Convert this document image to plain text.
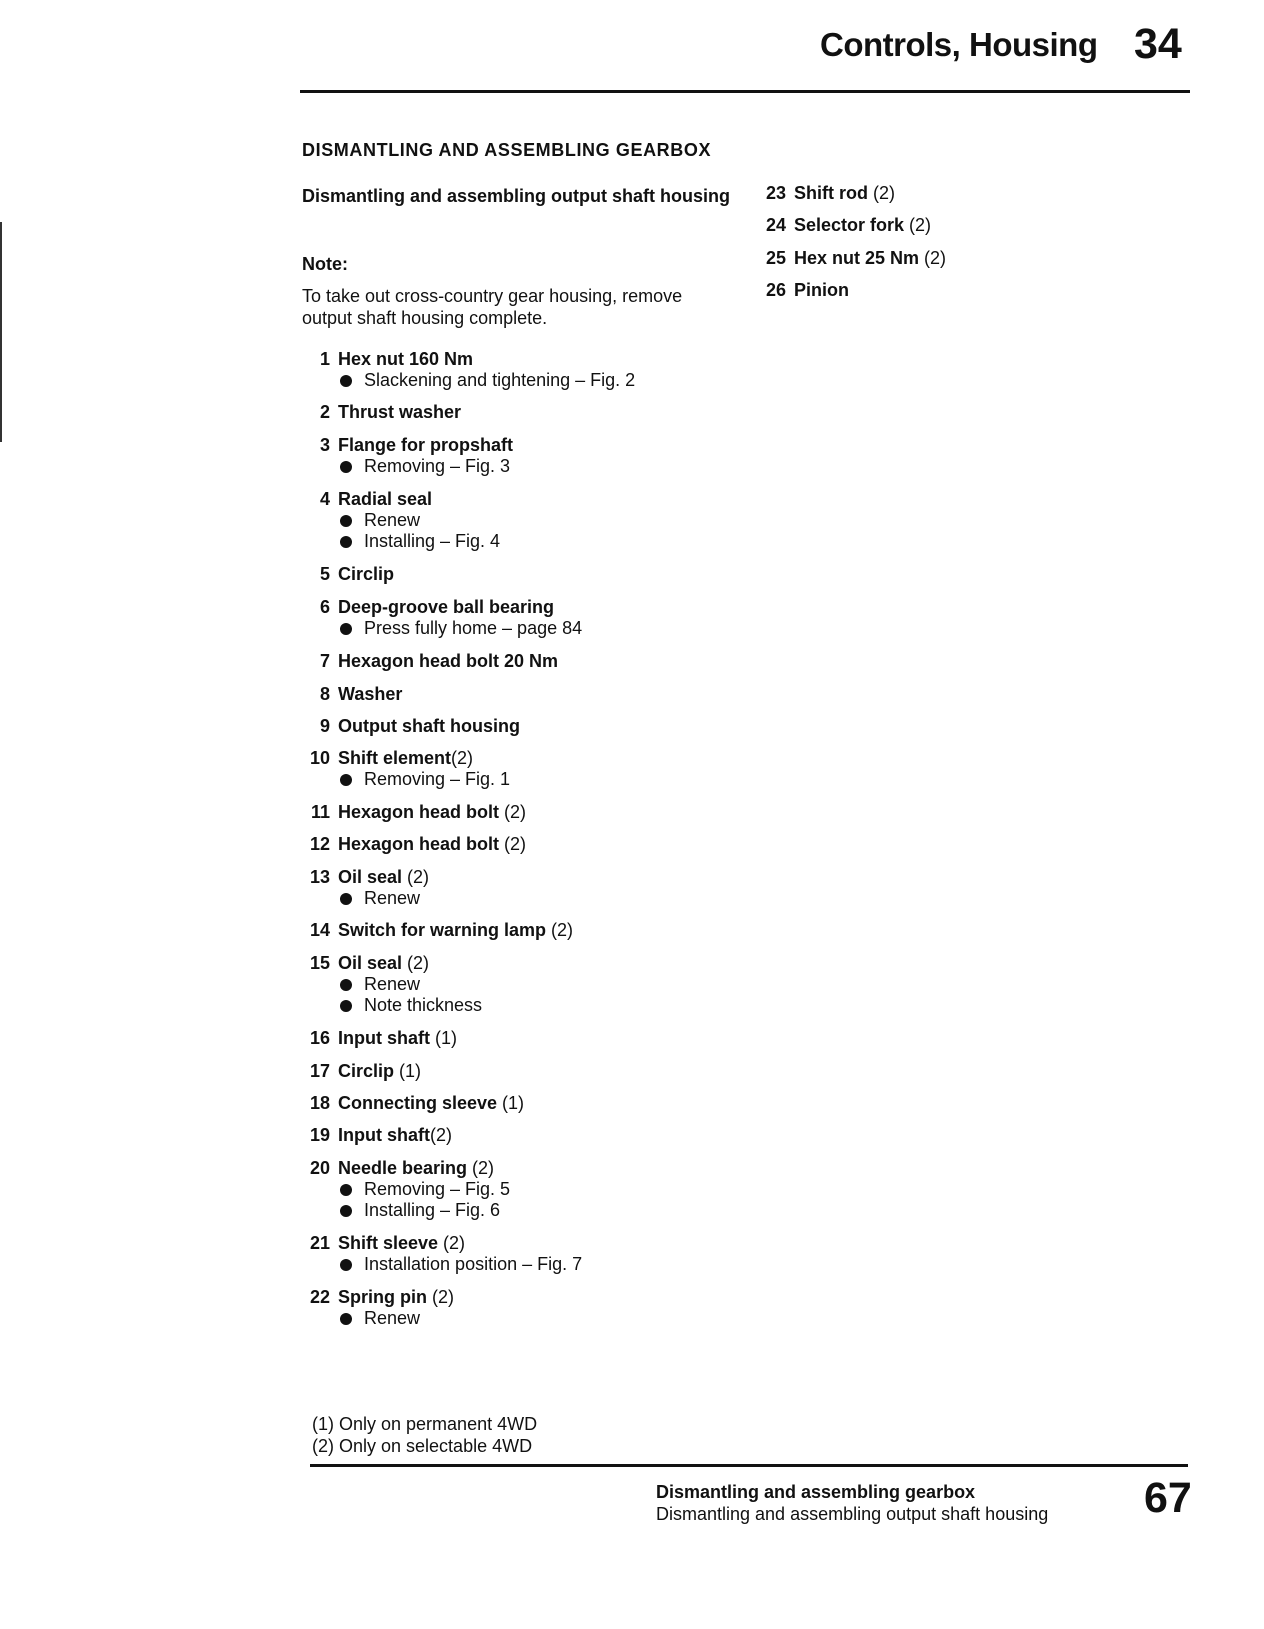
Controls, Housing 34
DISMANTLING AND ASSEMBLING GEARBOX
Dismantling and assembling output shaft housing
Note:
To take out cross-country gear housing, remove output shaft housing complete.
1 Hex nut 160 Nm
Slackening and tightening – Fig. 2
2 Thrust washer
3 Flange for propshaft
Removing – Fig. 3
4 Radial seal
Renew
Installing – Fig. 4
5 Circlip
6 Deep-groove ball bearing
Press fully home – page 84
7 Hexagon head bolt 20 Nm
8 Washer
9 Output shaft housing
10 Shift element(2)
Removing – Fig. 1
11 Hexagon head bolt (2)
12 Hexagon head bolt (2)
13 Oil seal (2)
Renew
14 Switch for warning lamp (2)
15 Oil seal (2)
Renew
Note thickness
16 Input shaft (1)
17 Circlip (1)
18 Connecting sleeve (1)
19 Input shaft(2)
20 Needle bearing (2)
Removing – Fig. 5
Installing – Fig. 6
21 Shift sleeve (2)
Installation position – Fig. 7
22 Spring pin (2)
Renew
23 Shift rod (2)
24 Selector fork (2)
25 Hex nut 25 Nm (2)
26 Pinion
(1) Only on permanent 4WD
(2) Only on selectable 4WD
Dismantling and assembling gearbox
Dismantling and assembling output shaft housing 67
